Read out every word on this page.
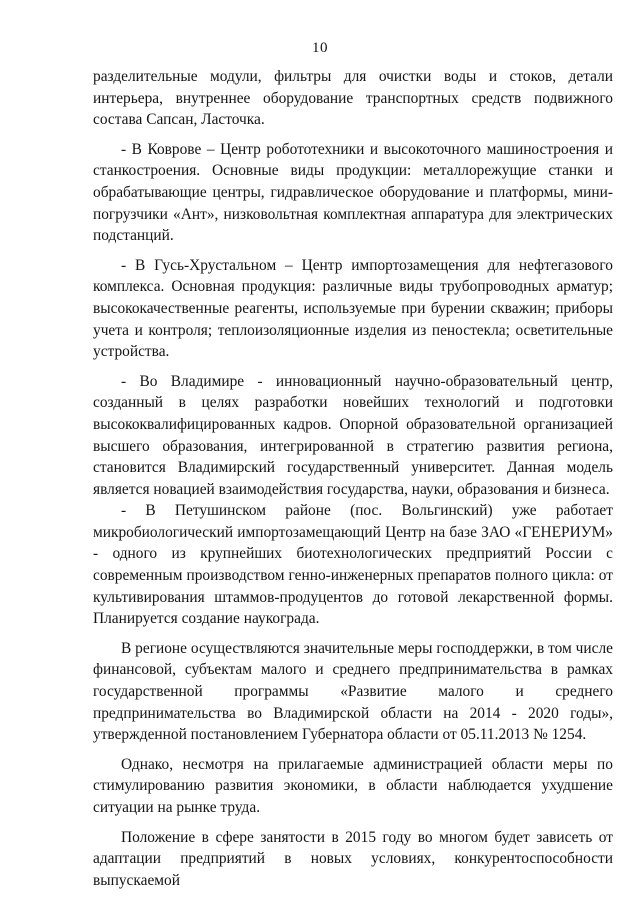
10

разделительные модули, фильтры для очистки воды и стоков, детали интерьера, внутреннее оборудование транспортных средств подвижного состава Сапсан, Ласточка.

- В Коврове – Центр робототехники и высокоточного машиностроения и станкостроения. Основные виды продукции: металлорежущие станки и обрабатывающие центры, гидравлическое оборудование и платформы, мини-погрузчики «Ант», низковольтная комплектная аппаратура для электрических подстанций.

- В Гусь-Хрустальном – Центр импортозамещения для нефтегазового комплекса. Основная продукция: различные виды трубопроводных арматур; высококачественные реагенты, используемые при бурении скважин; приборы учета и контроля; теплоизоляционные изделия из пеностекла; осветительные устройства.

- Во Владимире - инновационный научно-образовательный центр, созданный в целях разработки новейших технологий и подготовки высококвалифицированных кадров. Опорной образовательной организацией высшего образования, интегрированной в стратегию развития региона, становится Владимирский государственный университет. Данная модель является новацией взаимодействия государства, науки, образования и бизнеса.

- В Петушинском районе (пос. Вольгинский) уже работает микробиологический импортозамещающий Центр на базе ЗАО «ГЕНЕРИУМ» - одного из крупнейших биотехнологических предприятий России с современным производством генно-инженерных препаратов полного цикла: от культивирования штаммов-продуцентов до готовой лекарственной формы. Планируется создание наукограда.

В регионе осуществляются значительные меры господдержки, в том числе финансовой, субъектам малого и среднего предпринимательства в рамках государственной программы «Развитие малого и среднего предпринимательства во Владимирской области на 2014 - 2020 годы», утвержденной постановлением Губернатора области от 05.11.2013 № 1254.

Однако, несмотря на прилагаемые администрацией области меры по стимулированию развития экономики, в области наблюдается ухудшение ситуации на рынке труда.

Положение в сфере занятости в 2015 году во многом будет зависеть от адаптации предприятий в новых условиях, конкурентоспособности выпускаемой
